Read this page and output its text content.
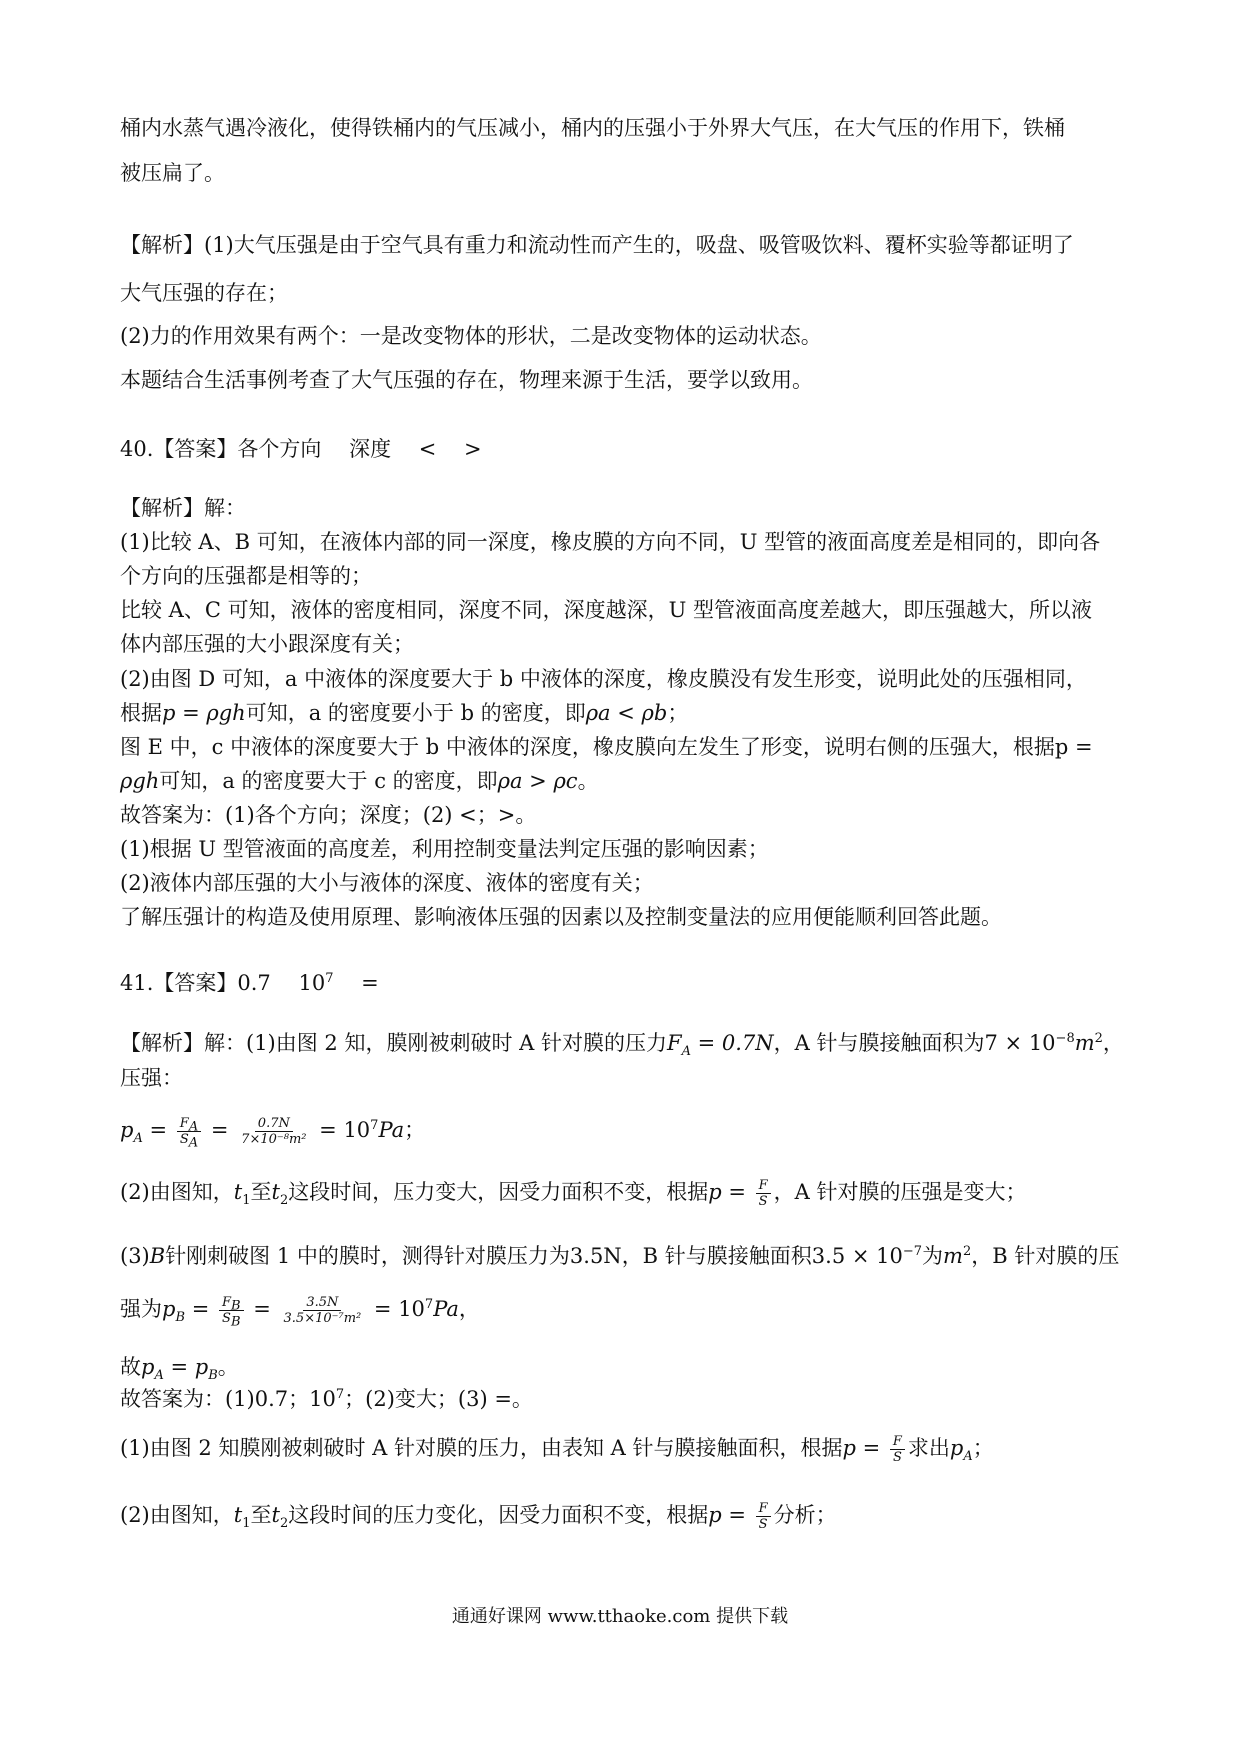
桶内水蒸气遇冷液化，使得铁桶内的气压减小，桶内的压强小于外界大气压，在大气压的作用下，铁桶
被压扁了。
【解析】(1)大气压强是由于空气具有重力和流动性而产生的，吸盘、吸管吸饮料、覆杯实验等都证明了
大气压强的存在；
(2)力的作用效果有两个：一是改变物体的形状，二是改变物体的运动状态。
本题结合生活事例考查了大气压强的存在，物理来源于生活，要学以致用。
40.【答案】各个方向　 深度　 <　 >
【解析】解：
(1)比较 A、B 可知，在液体内部的同一深度，橡皮膜的方向不同，U 型管的液面高度差是相同的，即向各
个方向的压强都是相等的；
比较 A、C 可知，液体的密度相同，深度不同，深度越深，U 型管液面高度差越大，即压强越大，所以液
体内部压强的大小跟深度有关；
(2)由图 D 可知，a 中液体的深度要大于 b 中液体的深度，橡皮膜没有发生形变，说明此处的压强相同，
根据p = ρgh可知，a 的密度要小于 b 的密度，即ρa < ρb；
图 E 中，c 中液体的深度要大于 b 中液体的深度，橡皮膜向左发生了形变，说明右侧的压强大，根据p =
ρgh可知，a 的密度要大于 c 的密度，即ρa > ρc。
故答案为：(1)各个方向；深度；(2) <；>。
(1)根据 U 型管液面的高度差，利用控制变量法判定压强的影响因素；
(2)液体内部压强的大小与液体的深度、液体的密度有关；
了解压强计的构造及使用原理、影响液体压强的因素以及控制变量法的应用便能顺利回答此题。
41.【答案】0.7　 $10^7$　 =
【解析】解：(1)由图 2 知，膜刚被刺破时 A 针对膜的压力$F_A = 0.7N$，A 针与膜接触面积为$7 \times 10^{-8}m^2$，
压强：
$p_A = \frac{F_A}{S_A} = \frac{0.7N}{\text{7×10⁻⁸m²}} = 10^7Pa$；
(2)由图知，$t_1$至$t_2$这段时间，压力变大，因受力面积不变，根据$p = \frac{F}{S}$ ，A 针对膜的压强是变大；
(3)B针刚刺破图 1 中的膜时，测得针对膜压力为3.5N，B 针与膜接触面积$3.5 \times 10^{-7}$为$m^2$，B 针对膜的压
强为$p_B = \frac{F_B}{S_B} = \frac{3.5N}{\text{3.5×10⁻⁷m²}} = 10^7Pa$，
故$p_A = p_B$。
故答案为：(1)0.7；$10^7$；(2)变大；(3) =。
(1)由图 2 知膜刚被刺破时 A 针对膜的压力，由表知 A 针与膜接触面积，根据$p = \frac{F}{S}$ 求出$p_A$；
(2)由图知，$t_1$至$t_2$这段时间的压力变化，因受力面积不变，根据$p = \frac{F}{S}$ 分析；
通通好课网 www.tthaoke.com 提供下载
